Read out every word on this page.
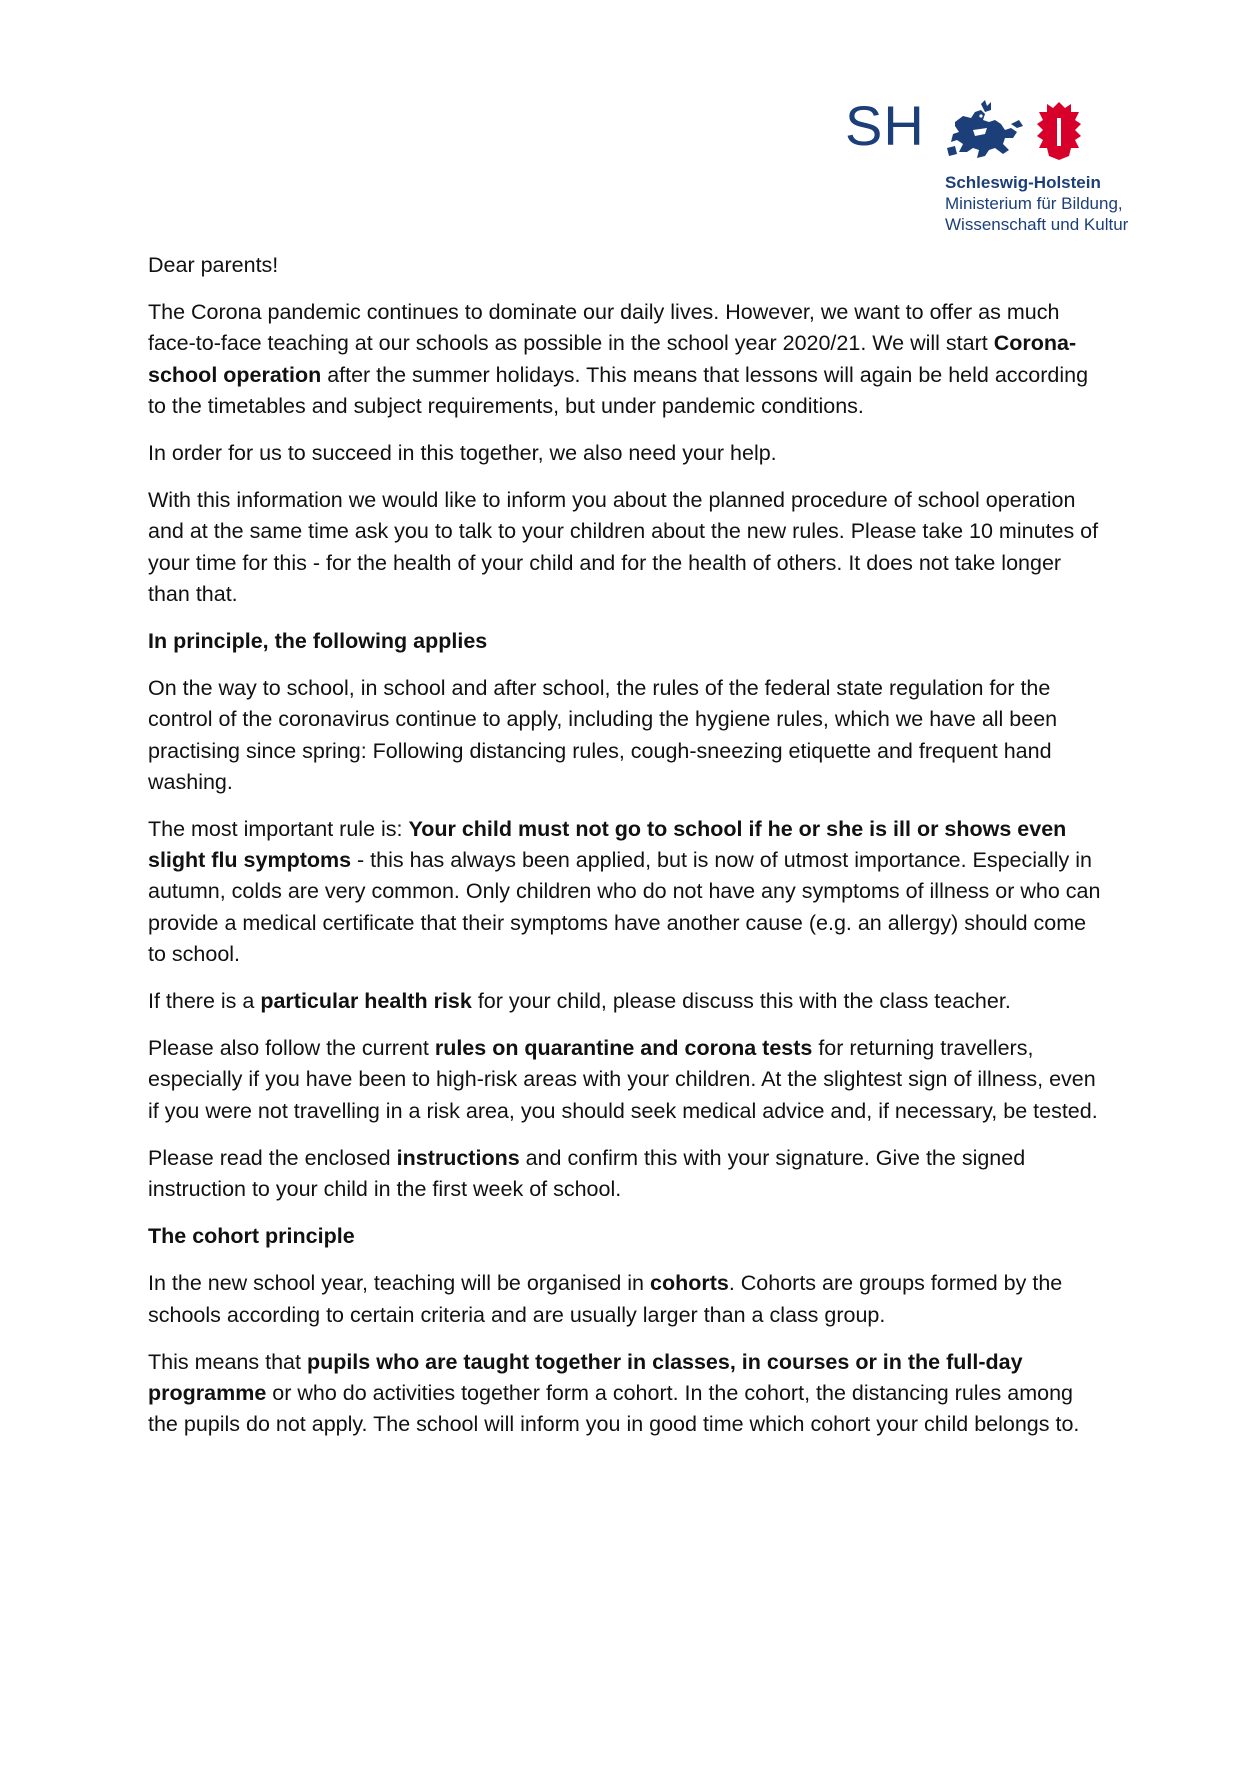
SH
Schleswig-Holstein
Ministerium für Bildung,
Wissenschaft und Kultur

Dear parents!

The Corona pandemic continues to dominate our daily lives. However, we want to offer as much face-to-face teaching at our schools as possible in the school year 2020/21. We will start Corona-school operation after the summer holidays. This means that lessons will again be held according to the timetables and subject requirements, but under pandemic conditions.

In order for us to succeed in this together, we also need your help.

With this information we would like to inform you about the planned procedure of school operation and at the same time ask you to talk to your children about the new rules. Please take 10 minutes of your time for this - for the health of your child and for the health of others. It does not take longer than that.

In principle, the following applies

On the way to school, in school and after school, the rules of the federal state regulation for the control of the coronavirus continue to apply, including the hygiene rules, which we have all been practising since spring: Following distancing rules, cough-sneezing etiquette and frequent hand washing.

The most important rule is: Your child must not go to school if he or she is ill or shows even slight flu symptoms - this has always been applied, but is now of utmost importance. Especially in autumn, colds are very common. Only children who do not have any symptoms of illness or who can provide a medical certificate that their symptoms have another cause (e.g. an allergy) should come to school.

If there is a particular health risk for your child, please discuss this with the class teacher.

Please also follow the current rules on quarantine and corona tests for returning travellers, especially if you have been to high-risk areas with your children. At the slightest sign of illness, even if you were not travelling in a risk area, you should seek medical advice and, if necessary, be tested.

Please read the enclosed instructions and confirm this with your signature. Give the signed instruction to your child in the first week of school.

The cohort principle

In the new school year, teaching will be organised in cohorts. Cohorts are groups formed by the schools according to certain criteria and are usually larger than a class group.

This means that pupils who are taught together in classes, in courses or in the full-day programme or who do activities together form a cohort. In the cohort, the distancing rules among the pupils do not apply. The school will inform you in good time which cohort your child belongs to.
